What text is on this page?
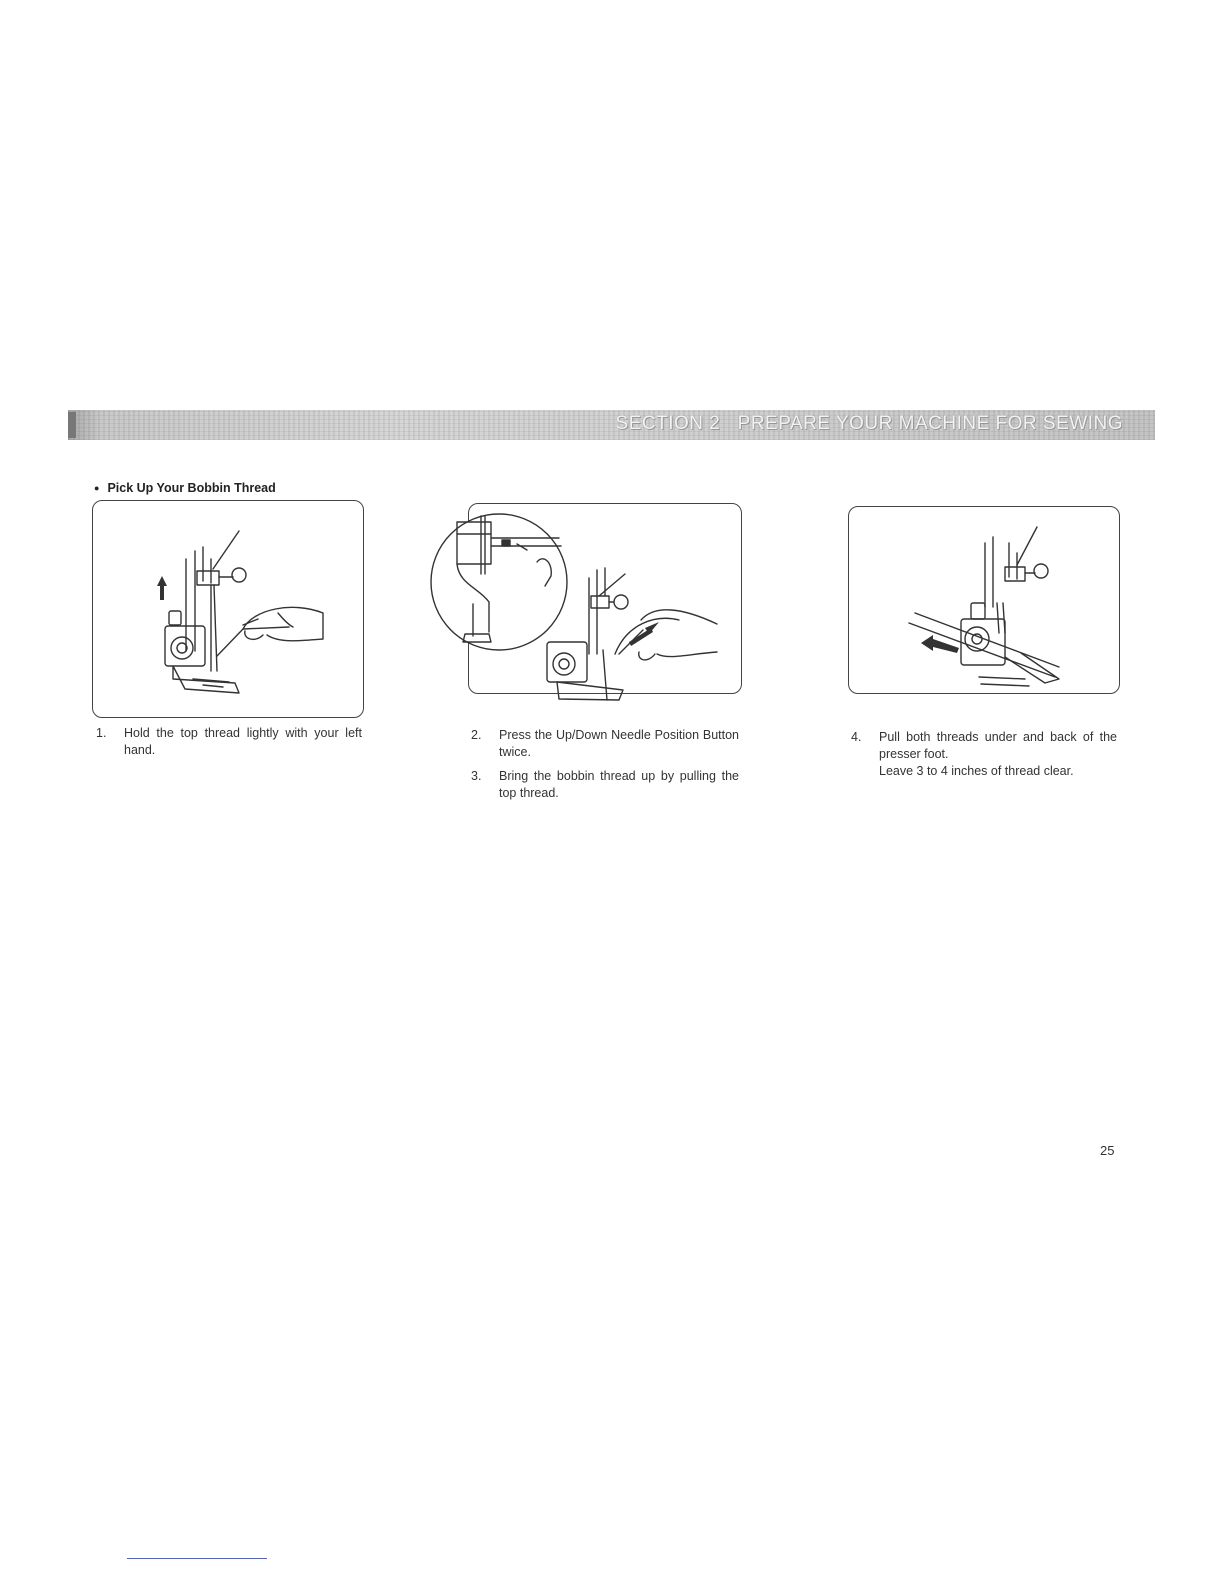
SECTION 2   PREPARE YOUR MACHINE FOR SEWING
● Pick Up Your Bobbin Thread
1. Hold the top thread lightly with your left hand.
2. Press the Up/Down Needle Position Button twice.
3. Bring the bobbin thread up by pulling the top thread.
4. Pull both threads under and back of the presser foot.
Leave 3 to 4 inches of thread clear.
25
